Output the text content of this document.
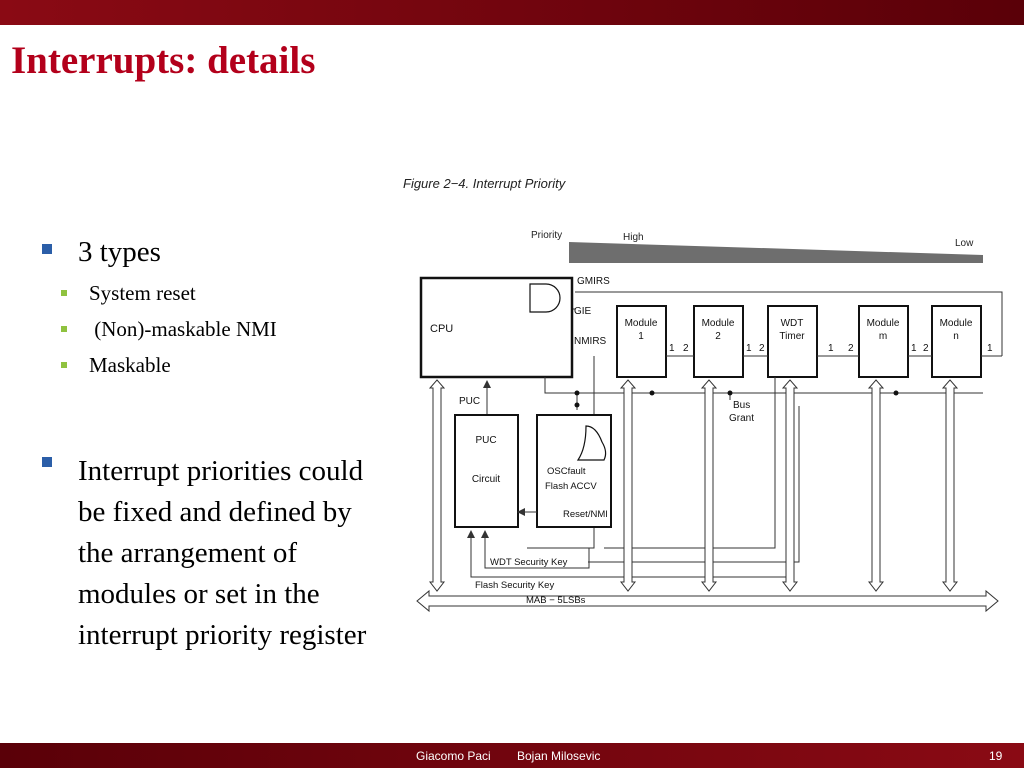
Interrupts: details
3 types
System reset
(Non)-maskable NMI
Maskable
Interrupt priorities could be fixed and defined by the arrangement of modules or set in the interrupt priority register
Figure 2−4. Interrupt Priority
Priority	High
Low
CPU
GMIRS
GIE
NMIRS
Module
1
Module
2
WDT
Timer
Module
m
Module
n
1 2	1 2	1 2	1 2	1
Bus
Grant
PUC
PUC
Circuit
OSCfault
Flash ACCV
Reset/NMI
WDT Security Key
Flash Security Key
MAB − 5LSBs
Giacomo Paci Bojan Milosevic	19
